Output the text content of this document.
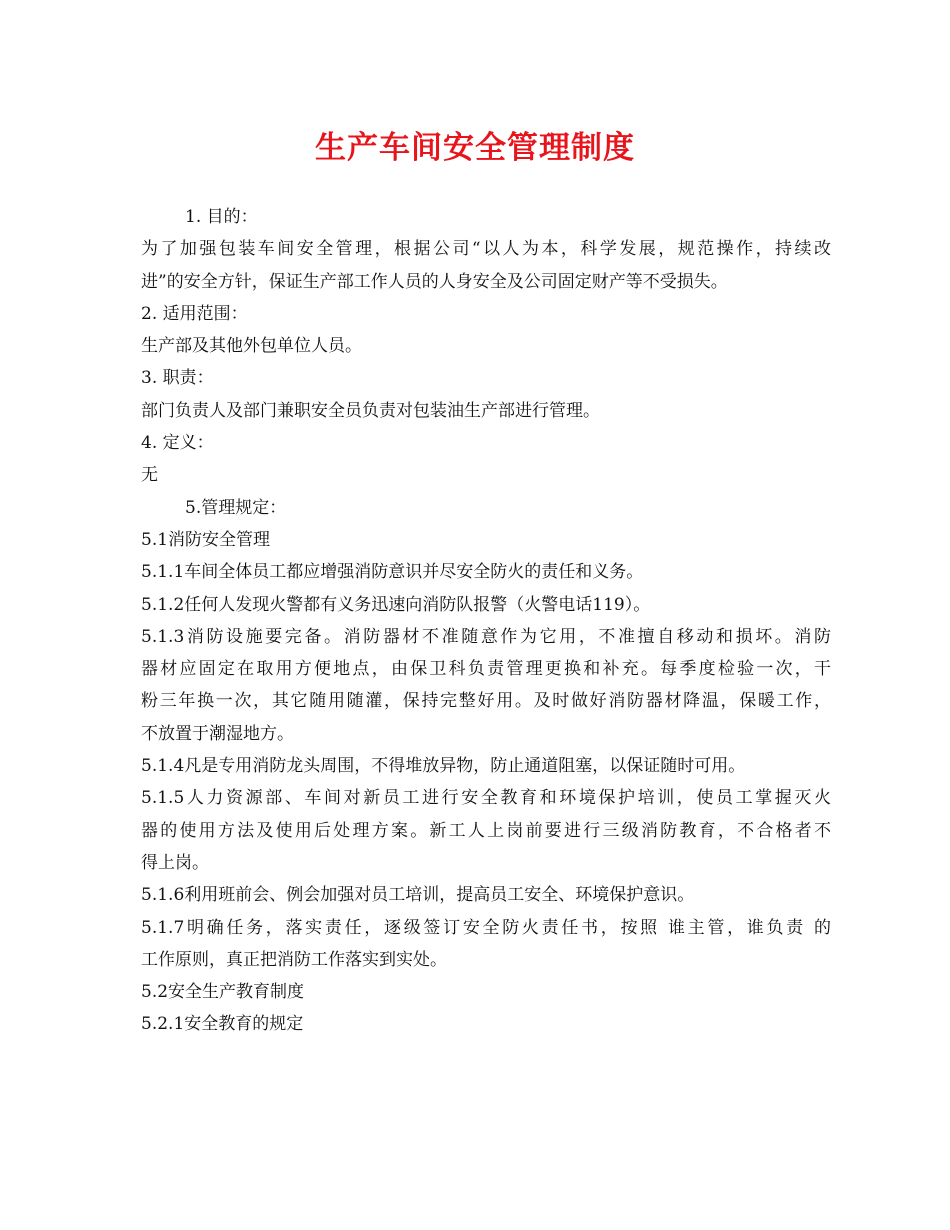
生产车间安全管理制度
1. 目的：
为了加强包装车间安全管理，根据公司“以人为本，科学发展，规范操作，持续改
进”的安全方针，保证生产部工作人员的人身安全及公司固定财产等不受损失。
2. 适用范围：
生产部及其他外包单位人员。
3. 职责：
部门负责人及部门兼职安全员负责对包装油生产部进行管理。
4. 定义：
无
5.管理规定：
5.1消防安全管理
5.1.1车间全体员工都应增强消防意识并尽安全防火的责任和义务。
5.1.2任何人发现火警都有义务迅速向消防队报警（火警电话119）。
5.1.3消防设施要完备。消防器材不准随意作为它用，不准擅自移动和损坏。消防
器材应固定在取用方便地点，由保卫科负责管理更换和补充。每季度检验一次，干
粉三年换一次，其它随用随灌，保持完整好用。及时做好消防器材降温，保暖工作，
不放置于潮湿地方。
5.1.4凡是专用消防龙头周围，不得堆放异物，防止通道阻塞，以保证随时可用。
5.1.5人力资源部、车间对新员工进行安全教育和环境保护培训，使员工掌握灭火
器的使用方法及使用后处理方案。新工人上岗前要进行三级消防教育，不合格者不
得上岗。
5.1.6利用班前会、例会加强对员工培训，提高员工安全、环境保护意识。
5.1.7明确任务，落实责任，逐级签订安全防火责任书，按照 谁主管，谁负责 的
工作原则，真正把消防工作落实到实处。
5.2安全生产教育制度
5.2.1安全教育的规定
